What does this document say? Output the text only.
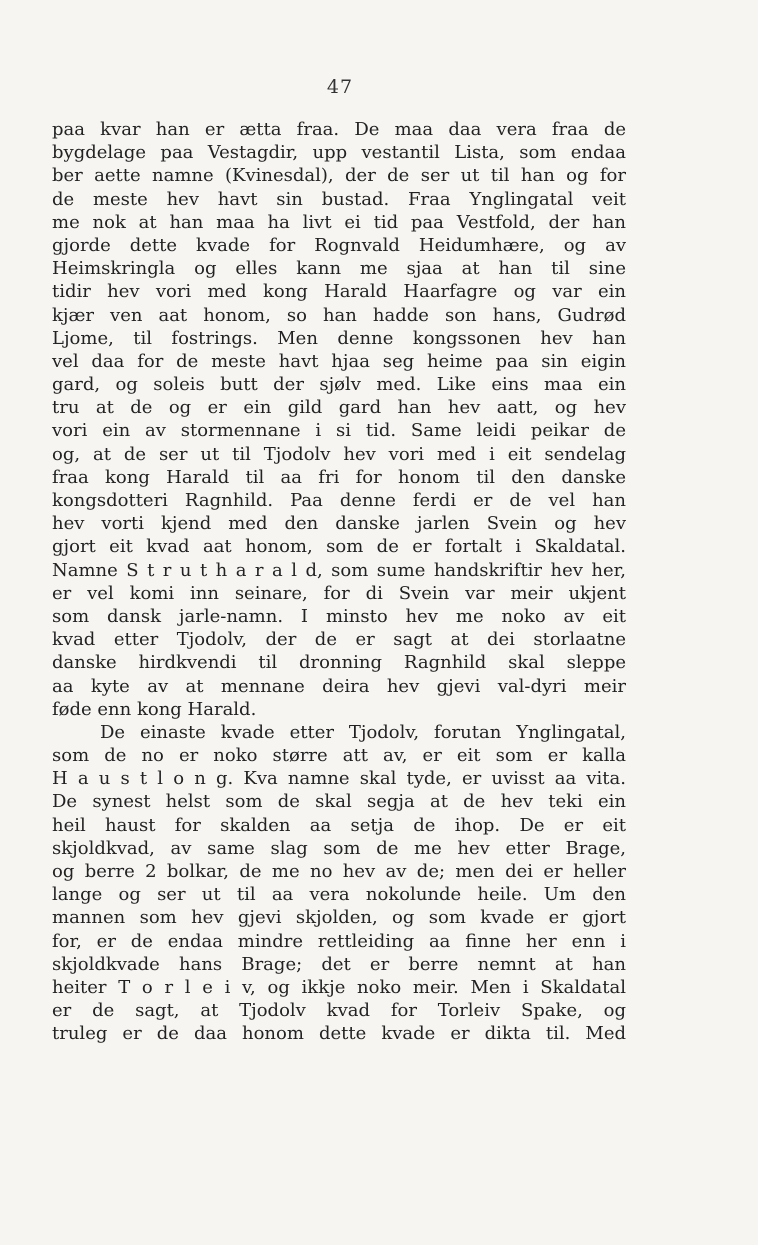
47
paa kvar han er ætta fraa. De maa daa vera fraa de
bygdelage paa Vestagdir, upp vestantil Lista, som endaa
ber aette namne (Kvinesdal), der de ser ut til han og for
de meste hev havt sin bustad. Fraa Ynglingatal veit
me nok at han maa ha livt ei tid paa Vestfold, der han
gjorde dette kvade for Rognvald Heidumhære, og av
Heimskringla og elles kann me sjaa at han til sine
tidir hev vori med kong Harald Haarfagre og var ein
kjær ven aat honom, so han hadde son hans, Gudrød
Ljome, til fostrings. Men denne kongssonen hev han
vel daa for de meste havt hjaa seg heime paa sin eigin
gard, og soleis butt der sjølv med. Like eins maa ein
tru at de og er ein gild gard han hev aatt, og hev
vori ein av stormennane i si tid. Same leidi peikar de
og, at de ser ut til Tjodolv hev vori med i eit sendelag
fraa kong Harald til aa fri for honom til den danske
kongsdotteri Ragnhild. Paa denne ferdi er de vel han
hev vorti kjend med den danske jarlen Svein og hev
gjort eit kvad aat honom, som de er fortalt i Skaldatal.
Namne S t r u t h a r a l d, som sume handskriftir hev her,
er vel komi inn seinare, for di Svein var meir ukjent
som dansk jarle-namn. I minsto hev me noko av eit
kvad etter Tjodolv, der de er sagt at dei storlaatne
danske hirdkvendi til dronning Ragnhild skal sleppe
aa kyte av at mennane deira hev gjevi val-dyri meir
føde enn kong Harald.
De einaste kvade etter Tjodolv, forutan Ynglingatal,
som de no er noko større att av, er eit som er kalla
H a u s t l o n g. Kva namne skal tyde, er uvisst aa vita.
De synest helst som de skal segja at de hev teki ein
heil haust for skalden aa setja de ihop. De er eit
skjoldkvad, av same slag som de me hev etter Brage,
og berre 2 bolkar, de me no hev av de; men dei er heller
lange og ser ut til aa vera nokolunde heile. Um den
mannen som hev gjevi skjolden, og som kvade er gjort
for, er de endaa mindre rettleiding aa finne her enn i
skjoldkvade hans Brage; det er berre nemnt at han
heiter T o r l e i v, og ikkje noko meir. Men i Skaldatal
er de sagt, at Tjodolv kvad for Torleiv Spake, og
truleg er de daa honom dette kvade er dikta til. Med
